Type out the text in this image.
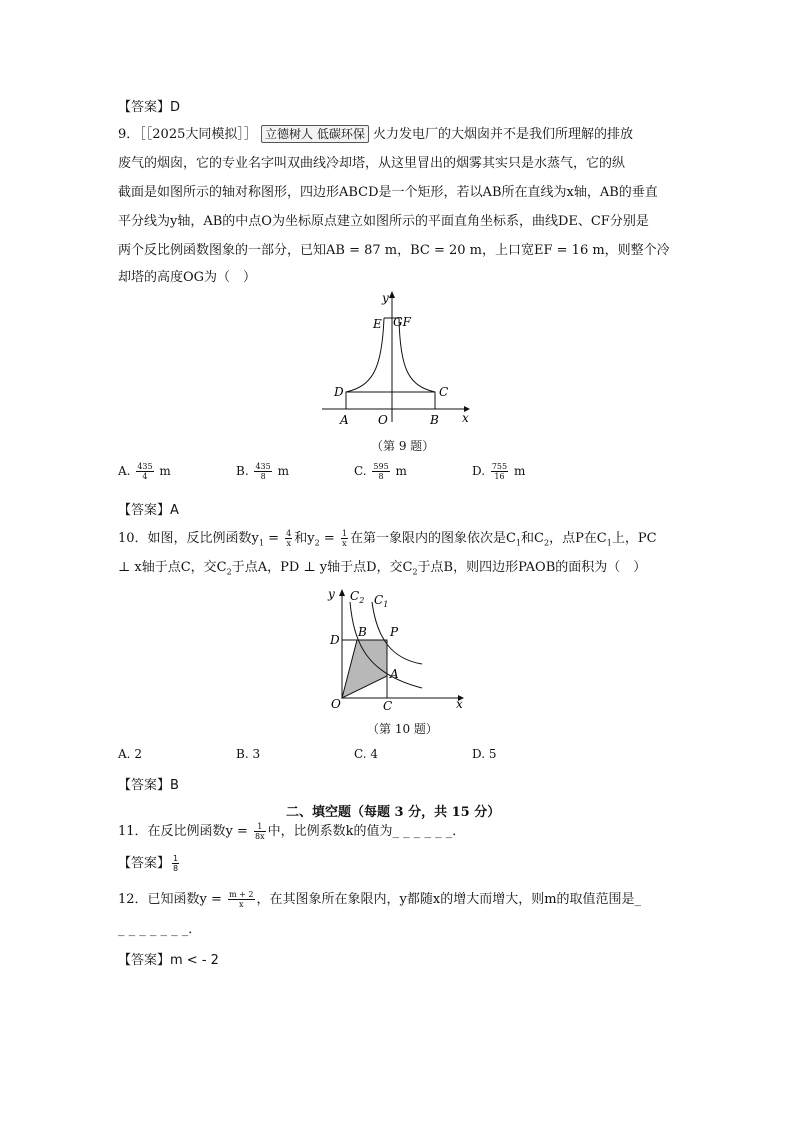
【答案】D
9．［［2025大同模拟］］ 立德树人 低碳环保 火力发电厂的大烟囱并不是我们所理解的排放
废气的烟囱，它的专业名字叫双曲线冷却塔，从这里冒出的烟雾其实只是水蒸气，它的纵
截面是如图所示的轴对称图形，四边形ABCD是一个矩形，若以AB所在直线为x轴，AB的垂直
平分线为y轴，AB的中点O为坐标原点建立如图所示的平面直角坐标系，曲线DE、CF分别是
两个反比例函数图象的一部分，已知AB = 87 m，BC = 20 m，上口宽EF = 16 m，则整个冷
却塔的高度OG为（　）
y
x
E GF
D	C
A O	B
（第 9 题）
A. $\frac{435}{4}$ m	B. $\frac{435}{8}$ m	C. $\frac{595}{8}$ m	D. $\frac{755}{16}$ m
【答案】A
10．如图，反比例函数$y_1 = \frac{4}{x}$ 和$y_2 = \frac{1}{x}$ 在第一象限内的图象依次是$C_1$和$C_2$，点P在$C_1$上，PC
⊥ x轴于点C，交$C_2$于点A，PD ⊥ y轴于点D，交$C_2$于点B，则四边形PAOB的面积为（　）
y
x
$C_2$ $C_1$
D
B P
A
O	C
（第 10 题）
A. 2	B. 3	C. 4	D. 5
【答案】B
二、填空题（每题 3 分，共 15 分）
11．在反比例函数$y = \frac{1}{8x}$ 中，比例系数k的值为_ _ _ _ _ _．
【答案】 $\frac{1}{8}$
12．已知函数$y = \frac{m + 2}{x}$ ，在其图象所在象限内，y都随x的增大而增大，则m的取值范围是_
_ _ _ _ _ _ _．
【答案】m < - 2
